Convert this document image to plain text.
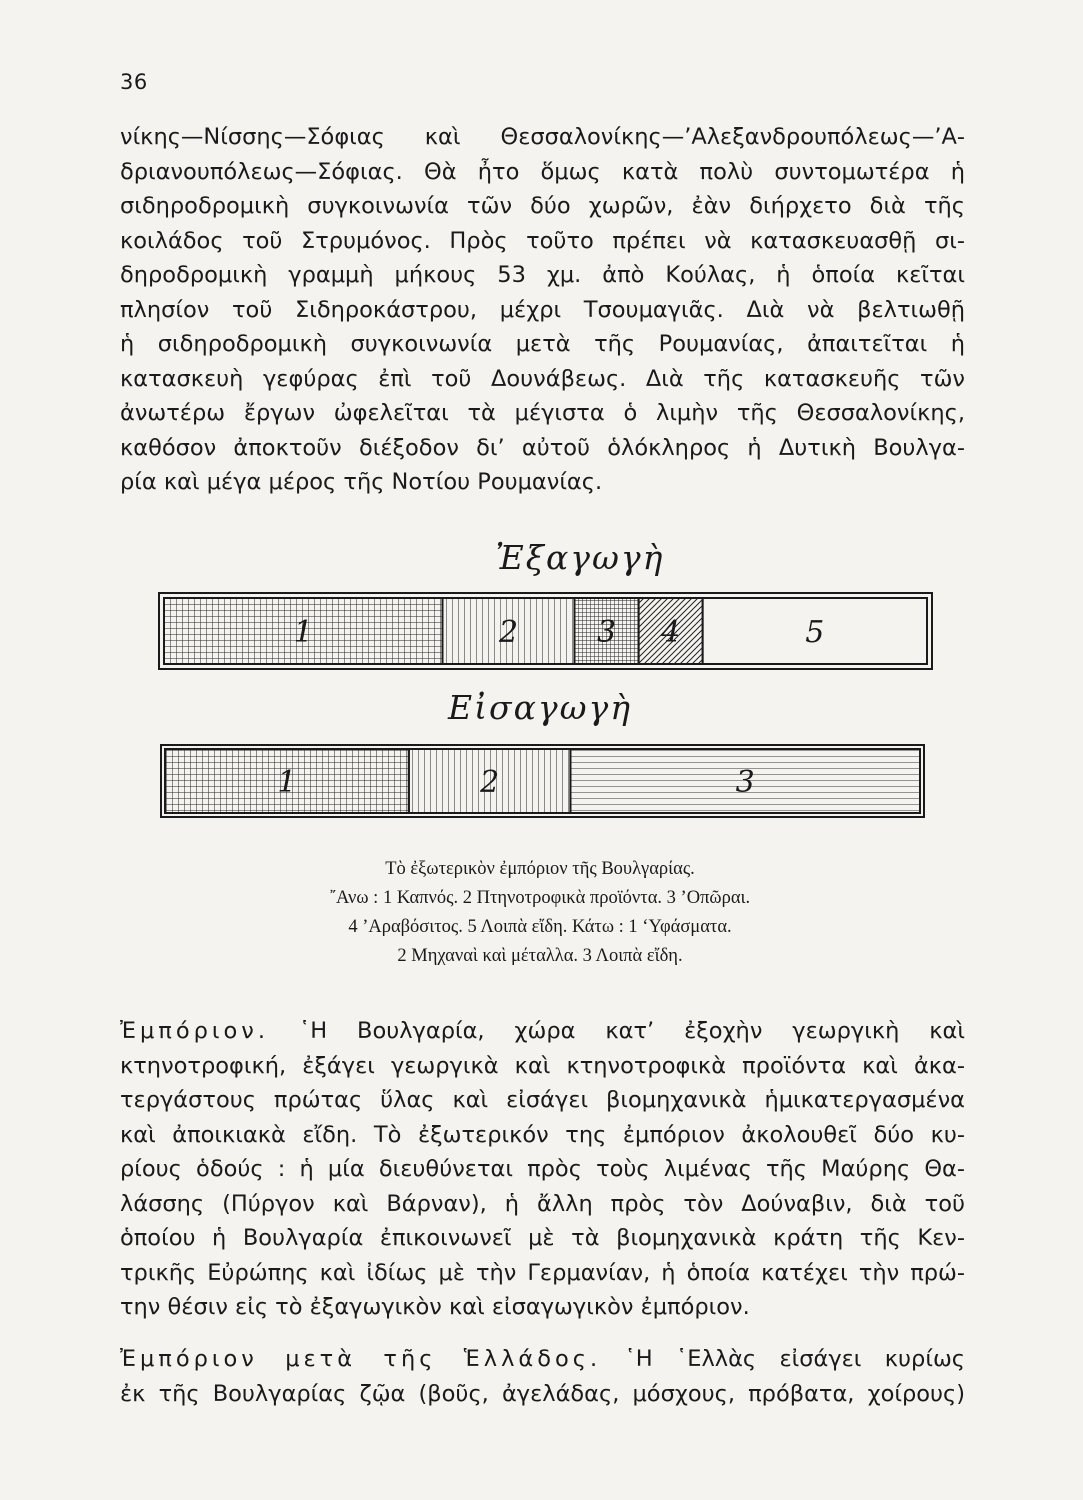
36

νίκης—Νίσσης—Σόφιας καὶ Θεσσαλονίκης—’Αλεξανδρουπόλεως—’Α-
δριανουπόλεως—Σόφιας. Θὰ ἦτο ὅμως κατὰ πολὺ συντομωτέρα ἡ
σιδηροδρομικὴ συγκοινωνία τῶν δύο χωρῶν, ἐὰν διήρχετο διὰ τῆς
κοιλάδος τοῦ Στρυμόνος. Πρὸς τοῦτο πρέπει νὰ κατασκευασθῇ σι-
δηροδρομικὴ γραμμὴ μήκους 53 χμ. ἀπὸ Κούλας, ἡ ὁποία κεῖται
πλησίον τοῦ Σιδηροκάστρου, μέχρι Τσουμαγιᾶς. Διὰ νὰ βελτιωθῇ
ἡ σιδηροδρομικὴ συγκοινωνία μετὰ τῆς Ρουμανίας, ἀπαιτεῖται ἡ
κατασκευὴ γεφύρας ἐπὶ τοῦ Δουνάβεως. Διὰ τῆς κατασκευῆς τῶν
ἀνωτέρω ἔργων ὠφελεῖται τὰ μέγιστα ὁ λιμὴν τῆς Θεσσαλονίκης,
καθόσον ἀποκτοῦν διέξοδον δι’ αὐτοῦ ὁλόκληρος ἡ Δυτικὴ Βουλγα-
ρία καὶ μέγα μέρος τῆς Νοτίου Ρουμανίας.

Ἐξαγωγὴ
1	2	3 4	5
Εἰσαγωγὴ
1	2	3
Τὸ ἐξωτερικὸν ἐμπόριον τῆς Βουλγαρίας.
῎Ανω : 1 Καπνός. 2 Πτηνοτροφικὰ προϊόντα. 3 ’Οπῶραι.
4 ’Αραβόσιτος. 5 Λοιπὰ εἴδη. Κάτω : 1 ‘Υφάσματα.
2 Μηχαναὶ καὶ μέταλλα. 3 Λοιπὰ εἴδη.

Ἐμπόριον. ῾Η Βουλγαρία, χώρα κατ’ ἐξοχὴν γεωργικὴ καὶ
κτηνοτροφική, ἐξάγει γεωργικὰ καὶ κτηνοτροφικὰ προϊόντα καὶ ἀκα-
τεργάστους πρώτας ὕλας καὶ εἰσάγει βιομηχανικὰ ἡμικατεργασμένα
καὶ ἀποικιακὰ εἴδη. Τὸ ἐξωτερικόν της ἐμπόριον ἀκολουθεῖ δύο κυ-
ρίους ὁδούς : ἡ μία διευθύνεται πρὸς τοὺς λιμένας τῆς Μαύρης Θα-
λάσσης (Πύργον καὶ Βάρναν), ἡ ἄλλη πρὸς τὸν Δούναβιν, διὰ τοῦ
ὁποίου ἡ Βουλγαρία ἐπικοινωνεῖ μὲ τὰ βιομηχανικὰ κράτη τῆς Κεν-
τρικῆς Εὐρώπης καὶ ἰδίως μὲ τὴν Γερμανίαν, ἡ ὁποία κατέχει τὴν πρώ-
την θέσιν εἰς τὸ ἐξαγωγικὸν καὶ εἰσαγωγικὸν ἐμπόριον.

Ἐμπόριον μετὰ τῆς Ἑλλάδος. ῾Η ῾Ελλὰς εἰσάγει κυρίως
ἐκ τῆς Βουλγαρίας ζῷα (βοῦς, ἀγελάδας, μόσχους, πρόβατα, χοίρους)
